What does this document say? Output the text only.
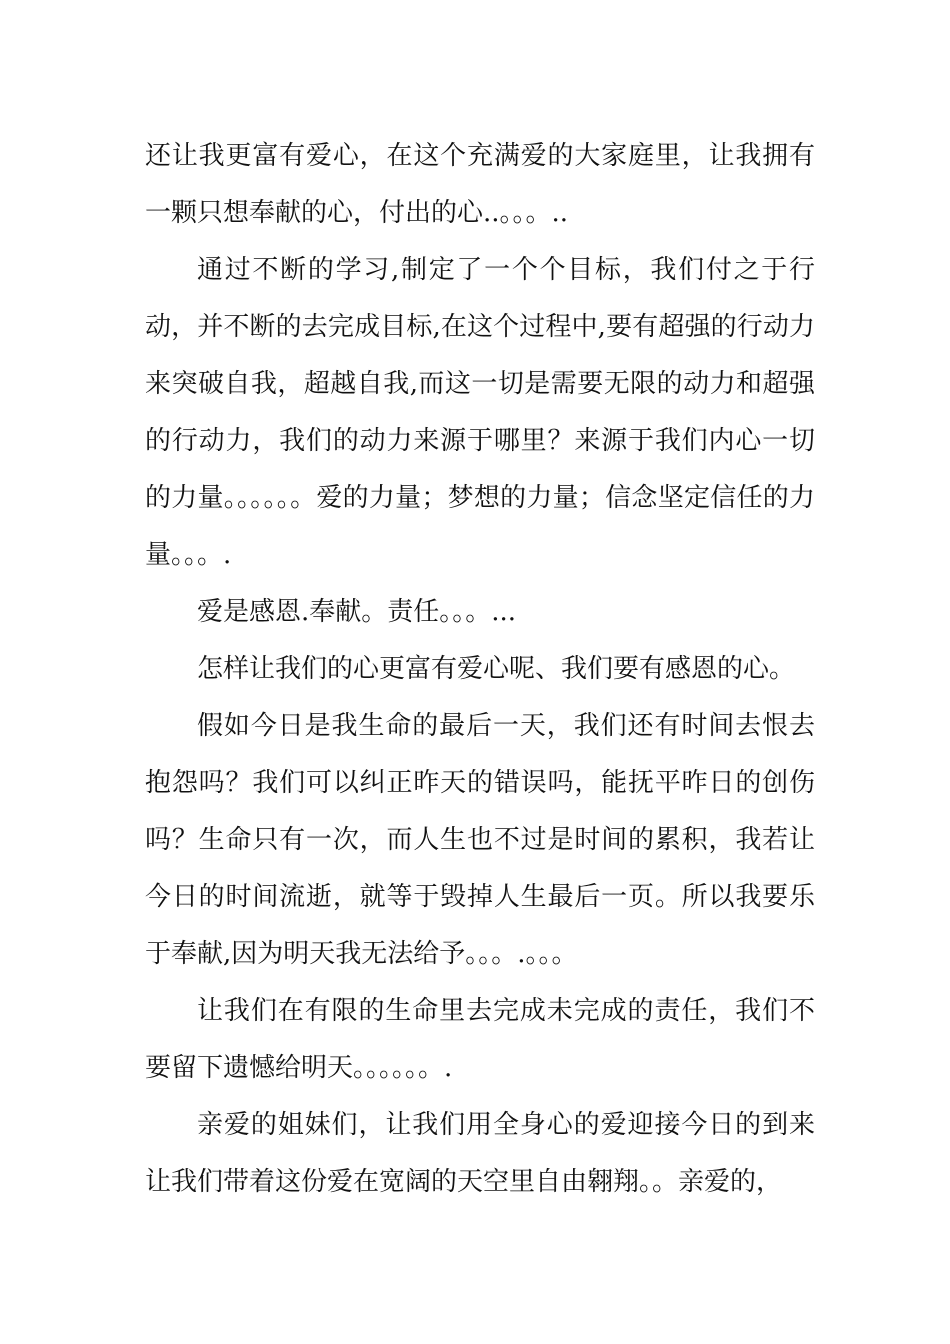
还让我更富有爱心，在这个充满爱的大家庭里，让我拥有一颗只想奉献的心，付出的心..。。。..

通过不断的学习,制定了一个个目标，我们付之于行动，并不断的去完成目标,在这个过程中,要有超强的行动力来突破自我，超越自我,而这一切是需要无限的动力和超强的行动力，我们的动力来源于哪里？来源于我们内心一切的力量。。。。。。爱的力量；梦想的力量；信念坚定信任的力量。。。.

爱是感恩.奉献。责任。。。...

怎样让我们的心更富有爱心呢、我们要有感恩的心。

假如今日是我生命的最后一天，我们还有时间去恨去抱怨吗？我们可以纠正昨天的错误吗，能抚平昨日的创伤吗？生命只有一次，而人生也不过是时间的累积，我若让今日的时间流逝，就等于毁掉人生最后一页。所以我要乐于奉献,因为明天我无法给予。。。.。。。

让我们在有限的生命里去完成未完成的责任，我们不要留下遗憾给明天。。。。。。.

亲爱的姐妹们，让我们用全身心的爱迎接今日的到来让我们带着这份爱在宽阔的天空里自由翱翔。。亲爱的，
